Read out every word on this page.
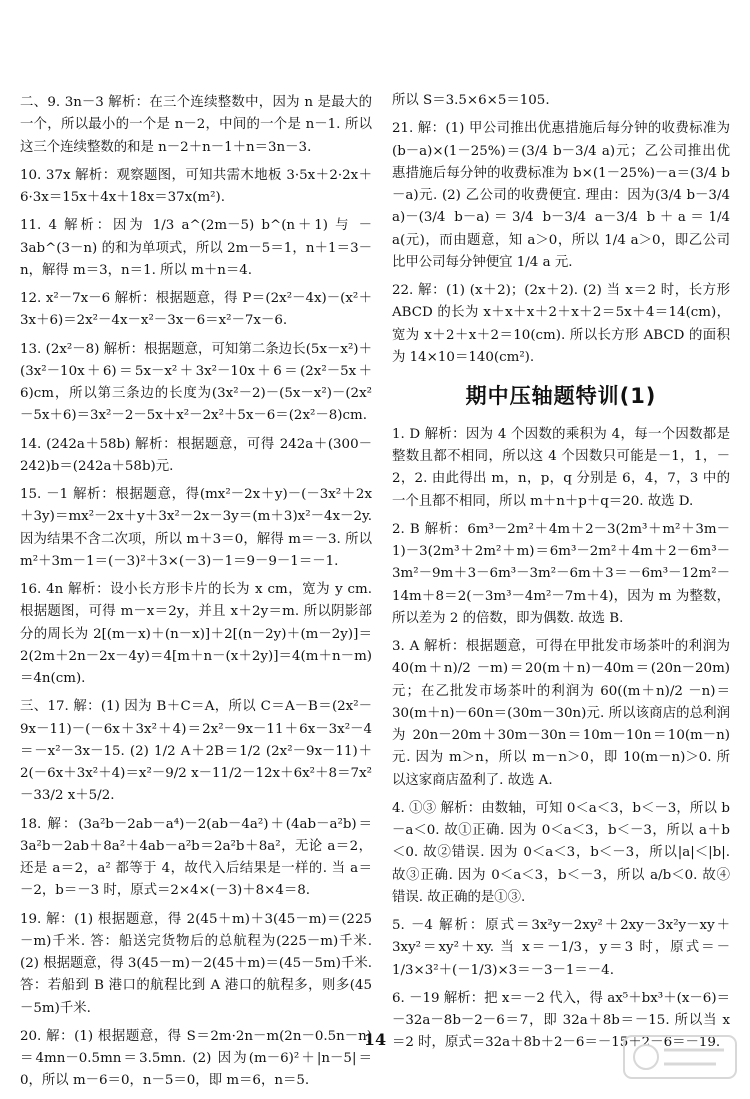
二、9. 3n－3 解析：在三个连续整数中，因为 n 是最大的一个，所以最小的一个是 n－2，中间的一个是 n－1. 所以这三个连续整数的和是 n－2＋n－1＋n＝3n－3.

10. 37x 解析：观察题图，可知共需木地板 3·5x＋2·2x＋6·3x＝15x＋4x＋18x＝37x(m²).

11. 4 解析：因为 1/3 a^(2m－5) b^(n＋1) 与 －3ab^(3－n) 的和为单项式，所以 2m－5＝1，n＋1＝3－n，解得 m＝3，n＝1. 所以 m＋n＝4.

12. x²－7x－6 解析：根据题意，得 P＝(2x²－4x)－(x²＋3x＋6)＝2x²－4x－x²－3x－6＝x²－7x－6.

13. (2x²－8) 解析：根据题意，可知第二条边长(5x－x²)＋(3x²－10x＋6)＝5x－x²＋3x²－10x＋6＝(2x²－5x＋6)cm，所以第三条边的长度为(3x²－2)－(5x－x²)－(2x²－5x＋6)＝3x²－2－5x＋x²－2x²＋5x－6＝(2x²－8)cm.

14. (242a＋58b) 解析：根据题意，可得 242a＋(300－242)b＝(242a＋58b)元.

15. －1 解析：根据题意，得(mx²－2x＋y)－(－3x²＋2x＋3y)＝mx²－2x＋y＋3x²－2x－3y＝(m＋3)x²－4x－2y. 因为结果不含二次项，所以 m＋3＝0，解得 m＝－3. 所以 m²＋3m－1＝(－3)²＋3×(－3)－1＝9－9－1＝－1.

16. 4n 解析：设小长方形卡片的长为 x cm，宽为 y cm. 根据题图，可得 m－x＝2y，并且 x＋2y＝m. 所以阴影部分的周长为 2[(m－x)＋(n－x)]＋2[(n－2y)＋(m－2y)]＝2(2m＋2n－2x－4y)＝4[m＋n－(x＋2y)]＝4(m＋n－m)＝4n(cm).

三、17. 解：(1) 因为 B＋C＝A，所以 C＝A－B＝(2x²－9x－11)－(－6x＋3x²＋4)＝2x²－9x－11＋6x－3x²－4＝－x²－3x－15. (2) 1/2 A＋2B＝1/2 (2x²－9x－11)＋2(－6x＋3x²＋4)＝x²－9/2 x－11/2－12x＋6x²＋8＝7x²－33/2 x＋5/2.

18. 解：(3a²b－2ab－a⁴)－2(ab－4a²)＋(4ab－a²b)＝3a²b－2ab＋8a²＋4ab－a²b＝2a²b＋8a²，无论 a＝2，还是 a＝2，a² 都等于 4，故代入后结果是一样的. 当 a＝－2，b＝－3 时，原式＝2×4×(－3)＋8×4＝8.

19. 解：(1) 根据题意，得 2(45＋m)＋3(45－m)＝(225－m)千米. 答：船送完货物后的总航程为(225－m)千米. (2) 根据题意，得 3(45－m)－2(45＋m)＝(45－5m)千米. 答：若船到 B 港口的航程比到 A 港口的航程多，则多(45－5m)千米.

20. 解：(1) 根据题意，得 S＝2m·2n－m(2n－0.5n－n)＝4mn－0.5mn＝3.5mn. (2) 因为(m－6)²＋|n－5|＝0，所以 m－6＝0，n－5＝0，即 m＝6，n＝5.

所以 S＝3.5×6×5＝105.

21. 解：(1) 甲公司推出优惠措施后每分钟的收费标准为(b－a)×(1－25%)＝(3/4 b－3/4 a)元；乙公司推出优惠措施后每分钟的收费标准为 b×(1－25%)－a＝(3/4 b－a)元. (2) 乙公司的收费便宜. 理由：因为(3/4 b－3/4 a)－(3/4 b－a)＝3/4 b－3/4 a－3/4 b＋a＝1/4 a(元)，而由题意，知 a＞0，所以 1/4 a＞0，即乙公司比甲公司每分钟便宜 1/4 a 元.

22. 解：(1) (x＋2)；(2x＋2). (2) 当 x＝2 时，长方形 ABCD 的长为 x＋x＋x＋2＋x＋2＝5x＋4＝14(cm)，宽为 x＋2＋x＋2＝10(cm). 所以长方形 ABCD 的面积为 14×10＝140(cm²).

期中压轴题特训(1)

1. D 解析：因为 4 个因数的乘积为 4，每一个因数都是整数且都不相同，所以这 4 个因数只可能是－1，1，－2，2. 由此得出 m，n，p，q 分别是 6，4，7，3 中的一个且都不相同，所以 m＋n＋p＋q＝20. 故选 D.

2. B 解析：6m³－2m²＋4m＋2－3(2m³＋m²＋3m－1)－3(2m³＋2m²＋m)＝6m³－2m²＋4m＋2－6m³－3m²－9m＋3－6m³－3m²－6m＋3＝－6m³－12m²－14m＋8＝2(－3m³－4m²－7m＋4)，因为 m 为整数，所以差为 2 的倍数，即为偶数. 故选 B.

3. A 解析：根据题意，可得在甲批发市场茶叶的利润为 40(m＋n)/2 －m)＝20(m＋n)－40m＝(20n－20m)元；在乙批发市场茶叶的利润为 60((m＋n)/2 －n)＝30(m＋n)－60n＝(30m－30n)元. 所以该商店的总利润为 20n－20m＋30m－30n＝10m－10n＝10(m－n)元. 因为 m＞n，所以 m－n＞0，即 10(m－n)＞0. 所以这家商店盈利了. 故选 A.

4. ①③ 解析：由数轴，可知 0＜a＜3，b＜－3，所以 b－a＜0. 故①正确. 因为 0＜a＜3，b＜－3，所以 a＋b＜0. 故②错误. 因为 0＜a＜3，b＜－3，所以|a|＜|b|. 故③正确. 因为 0＜a＜3，b＜－3，所以 a/b＜0. 故④错误. 故正确的是①③.

5. －4 解析：原式＝3x²y－2xy²＋2xy－3x²y－xy＋3xy²＝xy²＋xy. 当 x＝－1/3，y＝3 时，原式＝－1/3×3²＋(－1/3)×3＝－3－1＝－4.

6. －19 解析：把 x＝－2 代入，得 ax⁵＋bx³＋(x－6)＝－32a－8b－2－6＝7，即 32a＋8b＝－15. 所以当 x＝2 时，原式＝32a＋8b＋2－6＝－15＋2－6＝－19.

14
